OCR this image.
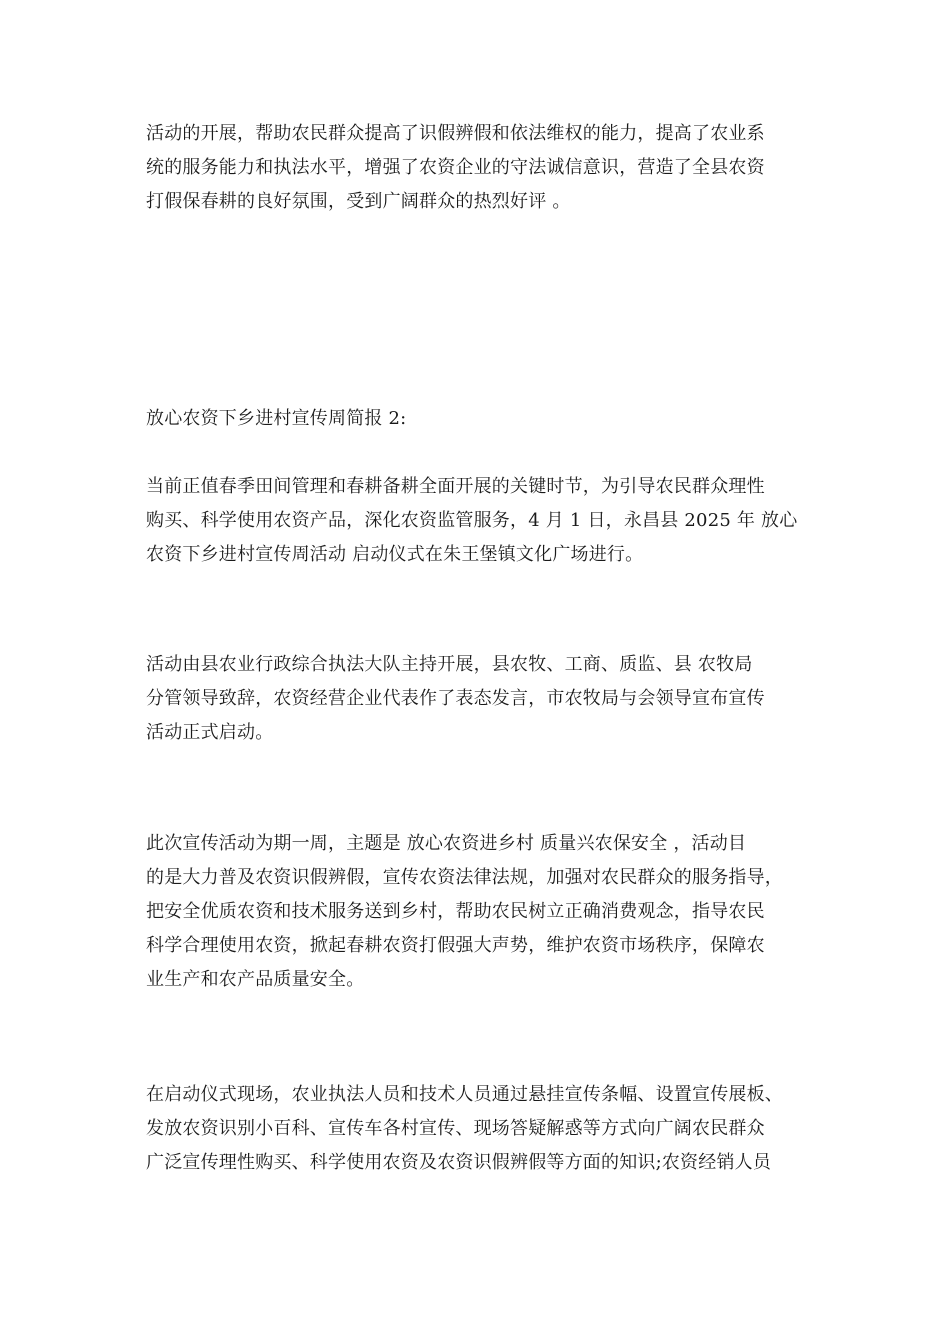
活动的开展，帮助农民群众提高了识假辨假和依法维权的能力，提高了农业系
统的服务能力和执法水平，增强了农资企业的守法诚信意识，营造了全县农资
打假保春耕的良好氛围，受到广阔群众的热烈好评 。
放心农资下乡进村宣传周简报 2:
当前正值春季田间管理和春耕备耕全面开展的关键时节，为引导农民群众理性
购买、科学使用农资产品，深化农资监管服务，4 月 1 日，永昌县 2025 年 放心
农资下乡进村宣传周活动 启动仪式在朱王堡镇文化广场进行。
活动由县农业行政综合执法大队主持开展，县农牧、工商、质监、县 农牧局
分管领导致辞，农资经营企业代表作了表态发言，市农牧局与会领导宣布宣传
活动正式启动。
此次宣传活动为期一周，主题是 放心农资进乡村 质量兴农保安全 ，活动目
的是大力普及农资识假辨假，宣传农资法律法规，加强对农民群众的服务指导，
把安全优质农资和技术服务送到乡村，帮助农民树立正确消费观念，指导农民
科学合理使用农资，掀起春耕农资打假强大声势，维护农资市场秩序，保障农
业生产和农产品质量安全。
在启动仪式现场，农业执法人员和技术人员通过悬挂宣传条幅、设置宣传展板、
发放农资识别小百科、宣传车各村宣传、现场答疑解惑等方式向广阔农民群众
广泛宣传理性购买、科学使用农资及农资识假辨假等方面的知识;农资经销人员
